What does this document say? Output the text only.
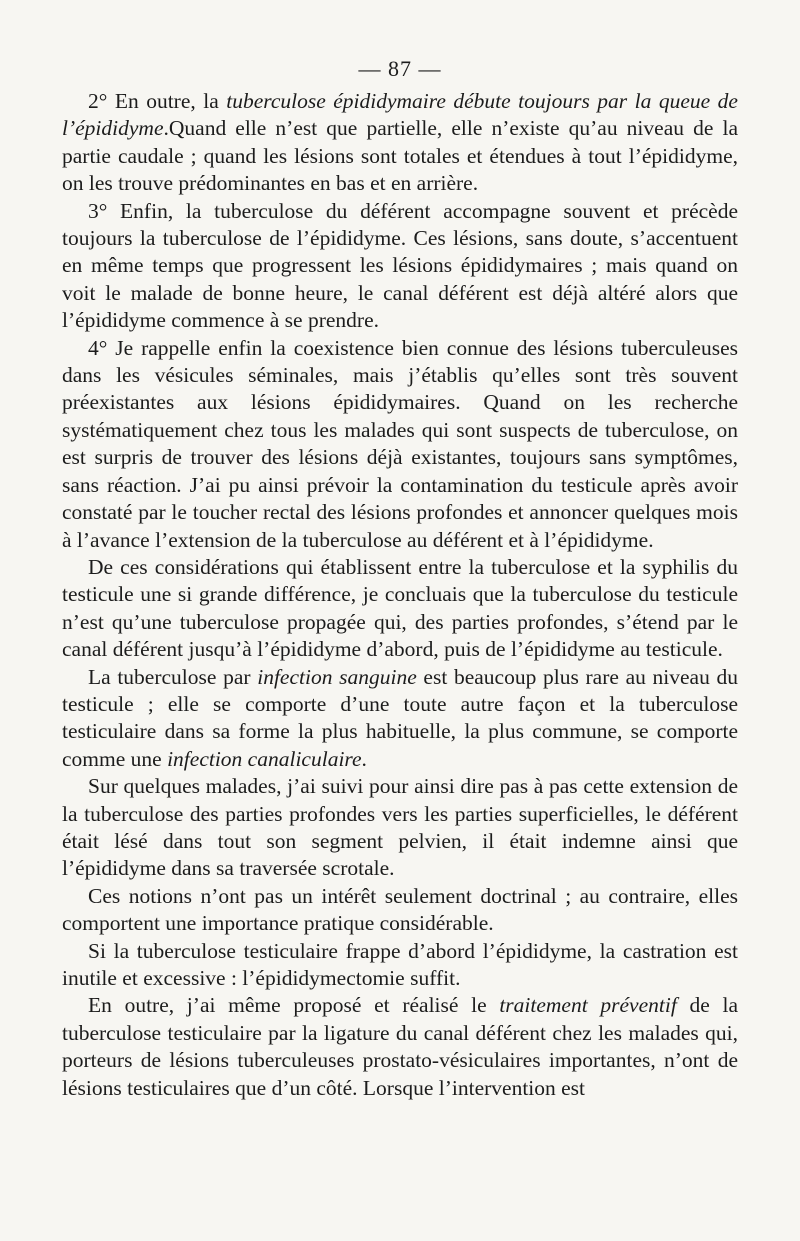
— 87 —

2° En outre, la tuberculose épididymaire débute toujours par la queue de l’épididyme.Quand elle n’est que partielle, elle n’existe qu’au niveau de la partie caudale ; quand les lésions sont totales et étendues à tout l’épididyme, on les trouve prédominantes en bas et en arrière.

3° Enfin, la tuberculose du déférent accompagne souvent et précède toujours la tuberculose de l’épididyme. Ces lésions, sans doute, s’accentuent en même temps que progressent les lésions épididymaires ; mais quand on voit le malade de bonne heure, le canal déférent est déjà altéré alors que l’épididyme commence à se prendre.

4° Je rappelle enfin la coexistence bien connue des lésions tuberculeuses dans les vésicules séminales, mais j’établis qu’elles sont très souvent préexistantes aux lésions épididymaires. Quand on les recherche systématiquement chez tous les malades qui sont suspects de tuberculose, on est surpris de trouver des lésions déjà existantes, toujours sans symptômes, sans réaction. J’ai pu ainsi prévoir la contamination du testicule après avoir constaté par le toucher rectal des lésions profondes et annoncer quelques mois à l’avance l’extension de la tuberculose au déférent et à l’épididyme.

De ces considérations qui établissent entre la tuberculose et la syphilis du testicule une si grande différence, je concluais que la tuberculose du testicule n’est qu’une tuberculose propagée qui, des parties profondes, s’étend par le canal déférent jusqu’à l’épididyme d’abord, puis de l’épididyme au testicule.

La tuberculose par infection sanguine est beaucoup plus rare au niveau du testicule ; elle se comporte d’une toute autre façon et la tuberculose testiculaire dans sa forme la plus habituelle, la plus commune, se comporte comme une infection canaliculaire.

Sur quelques malades, j’ai suivi pour ainsi dire pas à pas cette extension de la tuberculose des parties profondes vers les parties superficielles, le déférent était lésé dans tout son segment pelvien, il était indemne ainsi que l’épididyme dans sa traversée scrotale.

Ces notions n’ont pas un intérêt seulement doctrinal ; au contraire, elles comportent une importance pratique considérable.

Si la tuberculose testiculaire frappe d’abord l’épididyme, la castration est inutile et excessive : l’épididymectomie suffit.

En outre, j’ai même proposé et réalisé le traitement préventif de la tuberculose testiculaire par la ligature du canal déférent chez les malades qui, porteurs de lésions tuberculeuses prostato-vésiculaires importantes, n’ont de lésions testiculaires que d’un côté. Lorsque l’intervention est
